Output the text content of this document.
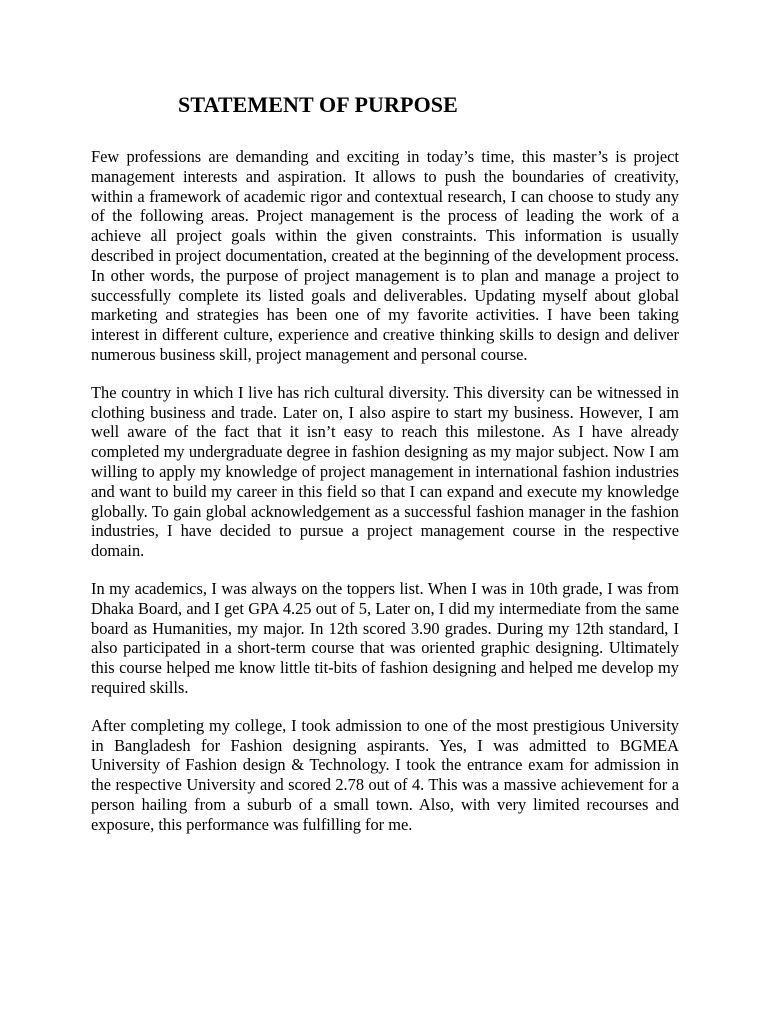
STATEMENT OF PURPOSE

Few professions are demanding and exciting in today’s time, this master’s is project management interests and aspiration. It allows to push the boundaries of creativity, within a framework of academic rigor and contextual research, I can choose to study any of the following areas. Project management is the process of leading the work of a achieve all project goals within the given constraints. This information is usually described in project documentation, created at the beginning of the development process. In other words, the purpose of project management is to plan and manage a project to successfully complete its listed goals and deliverables. Updating myself about global marketing and strategies has been one of my favorite activities. I have been taking interest in different culture, experience and creative thinking skills to design and deliver numerous business skill, project management and personal course.

The country in which I live has rich cultural diversity. This diversity can be witnessed in clothing business and trade. Later on, I also aspire to start my business. However, I am well aware of the fact that it isn’t easy to reach this milestone. As I have already completed my undergraduate degree in fashion designing as my major subject. Now I am willing to apply my knowledge of project management in international fashion industries and want to build my career in this field so that I can expand and execute my knowledge globally. To gain global acknowledgement as a successful fashion manager in the fashion industries, I have decided to pursue a project management course in the respective domain.

In my academics, I was always on the toppers list. When I was in 10th grade, I was from Dhaka Board, and I get GPA 4.25 out of 5, Later on, I did my intermediate from the same board as Humanities, my major. In 12th scored 3.90 grades. During my 12th standard, I also participated in a short-term course that was oriented graphic designing. Ultimately this course helped me know little tit-bits of fashion designing and helped me develop my required skills.

After completing my college, I took admission to one of the most prestigious University in Bangladesh for Fashion designing aspirants. Yes, I was admitted to BGMEA University of Fashion design & Technology. I took the entrance exam for admission in the respective University and scored 2.78 out of 4. This was a massive achievement for a person hailing from a suburb of a small town. Also, with very limited recourses and exposure, this performance was fulfilling for me.
